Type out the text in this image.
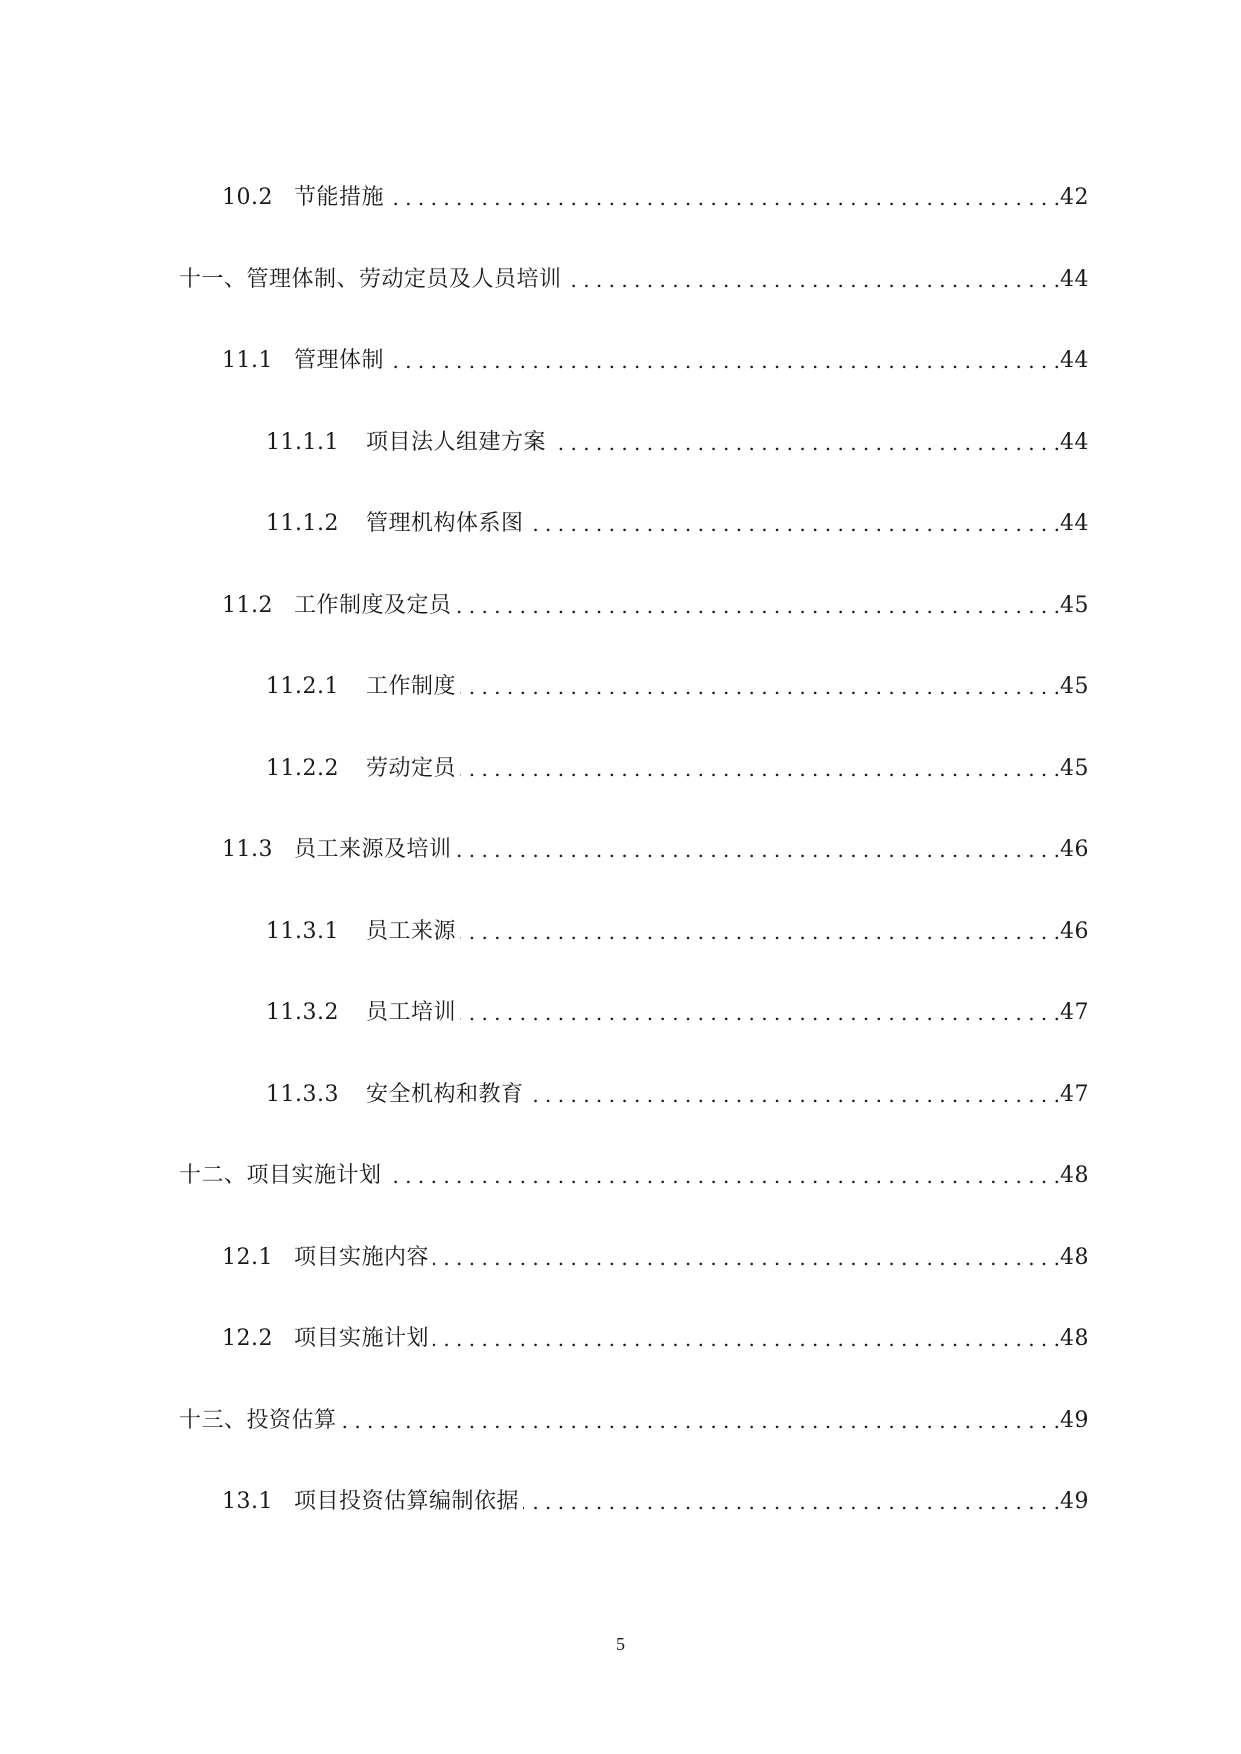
10.2 节能措施 . . .	42
十一、 管理体制、劳动定员及人员培训 . . .	44
11.1 管理体制 . . .	44
11.1.1	项目法人组建方案 . . .	44
11.1.2	管理机构体系图 . . .	44
11.2 工作制度及定员 . . .	45
11.2.1	工作制度 . . .	45
11.2.2	劳动定员 . . .	45
11.3 员工来源及培训 . . .	46
11.3.1	员工来源 . . .	46
11.3.2	员工培训 . . .	47
11.3.3	安全机构和教育 . . .	47
十二、 项目实施计划 . . .	48
12.1 项目实施内容 . . .	48
12.2 项目实施计划 . . .	48
十三、 投资估算 . . .	49
13.1 项目投资估算编制依据 . . .	49
5
